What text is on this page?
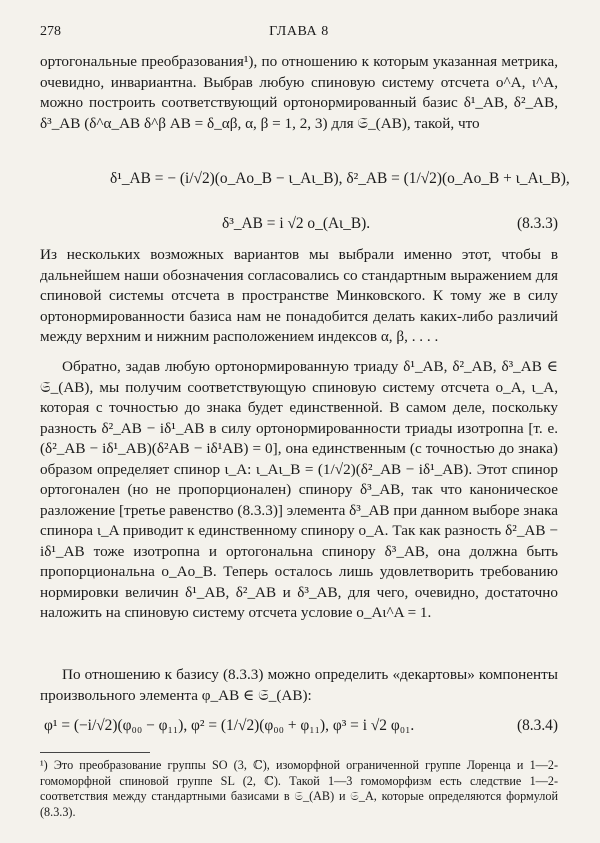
278	ГЛАВА 8
ортогональные преобразования¹), по отношению к которым указанная метрика, очевидно, инвариантна. Выбрав любую спиновую систему отсчета o^A, ι^A, можно построить соответствующий ортонормированный базис δ¹_AB, δ²_AB, δ³_AB (δ^α_AB δ^β AB = δ_αβ, α, β = 1, 2, 3) для 𝔖_(AB), такой, что
δ¹_AB = − (i/√2)(o_Ao_B − ι_Aι_B), δ²_AB = (1/√2)(o_Ao_B + ι_Aι_B),
δ³_AB = i √2 o_(Aι_B).	(8.3.3)
Из нескольких возможных вариантов мы выбрали именно этот, чтобы в дальнейшем наши обозначения согласовались со стандартным выражением для спиновой системы отсчета в пространстве Минковского. К тому же в силу ортонормированности базиса нам не понадобится делать каких-либо различий между верхним и нижним расположением индексов α, β, . . . .
Обратно, задав любую ортонормированную триаду δ¹_AB, δ²_AB, δ³_AB ∈ 𝔖_(AB), мы получим соответствующую спиновую систему отсчета o_A, ι_A, которая с точностью до знака будет единственной. В самом деле, поскольку разность δ²_AB − iδ¹_AB в силу ортонормированности триады изотропна [т. е. (δ²_AB − iδ¹_AB)(δ²AB − iδ¹AB) = 0], она единственным (с точностью до знака) образом определяет спинор ι_A: ι_Aι_B = (1/√2)(δ²_AB − iδ¹_AB). Этот спинор ортогонален (но не пропорционален) спинору δ³_AB, так что каноническое разложение [третье равенство (8.3.3)] элемента δ³_AB при данном выборе знака спинора ι_A приводит к единственному спинору o_A. Так как разность δ²_AB − iδ¹_AB тоже изотропна и ортогональна спинору δ³_AB, она должна быть пропорциональна o_Ao_B. Теперь осталось лишь удовлетворить требованию нормировки величин δ¹_AB, δ²_AB и δ³_AB, для чего, очевидно, достаточно наложить на спиновую систему отсчета условие o_Aι^A = 1.
По отношению к базису (8.3.3) можно определить «декартовы» компоненты произвольного элемента φ_AB ∈ 𝔖_(AB):
φ¹ = (−i/√2)(φ₀₀ − φ₁₁), φ² = (1/√2)(φ₀₀ + φ₁₁), φ³ = i √2 φ₀₁.	(8.3.4)
¹) Это преобразование группы SO (3, ℂ), изоморфной ограниченной группе Лоренца и 1—2-гомоморфной спиновой группе SL (2, ℂ). Такой 1—3 гомоморфизм есть следствие 1—2-соответствия между стандартными базисами в 𝔖_(AB) и 𝔖_A, которые определяются формулой (8.3.3).
